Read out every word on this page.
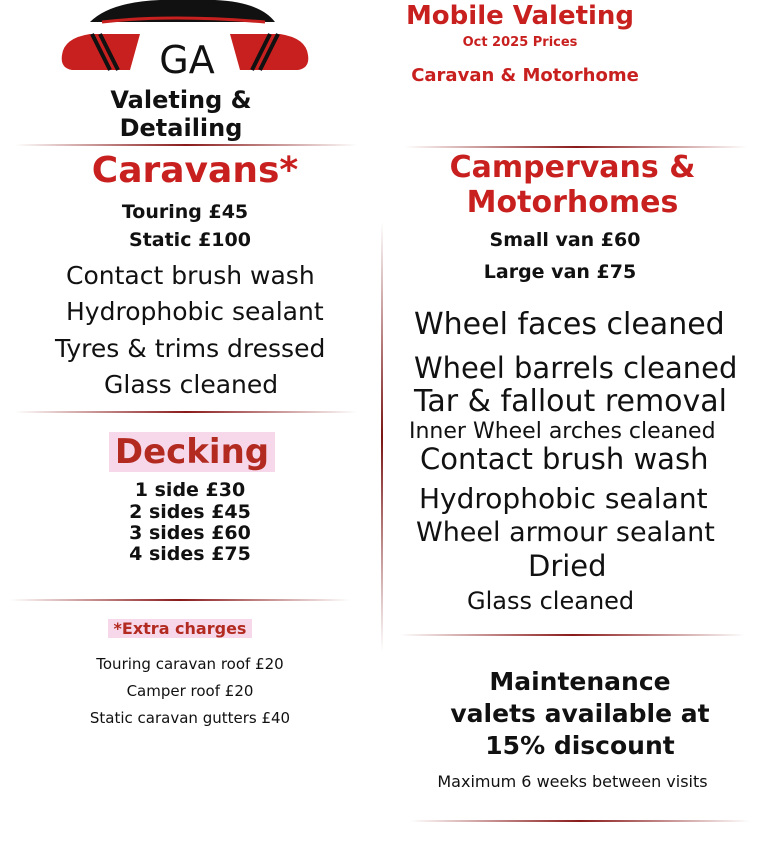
GA
Valeting & Detailing
Mobile Valeting
Oct 2025 Prices
Caravan & Motorhome
Caravans*
Touring £45
Static £100
Contact brush wash
Hydrophobic sealant
Tyres & trims dressed
Glass cleaned
Decking
1 side £30
2 sides £45
3 sides £60
4 sides £75
*Extra charges
Touring caravan roof £20
Camper roof £20
Static caravan gutters £40
Campervans &
Motorhomes
Small van £60
Large van £75
Wheel faces cleaned
Wheel barrels cleaned
Tar & fallout removal
Inner Wheel arches cleaned
Contact brush wash
Hydrophobic sealant
Wheel armour sealant
Dried
Glass cleaned
Maintenance
valets available at
15% discount
Maximum 6 weeks between visits
